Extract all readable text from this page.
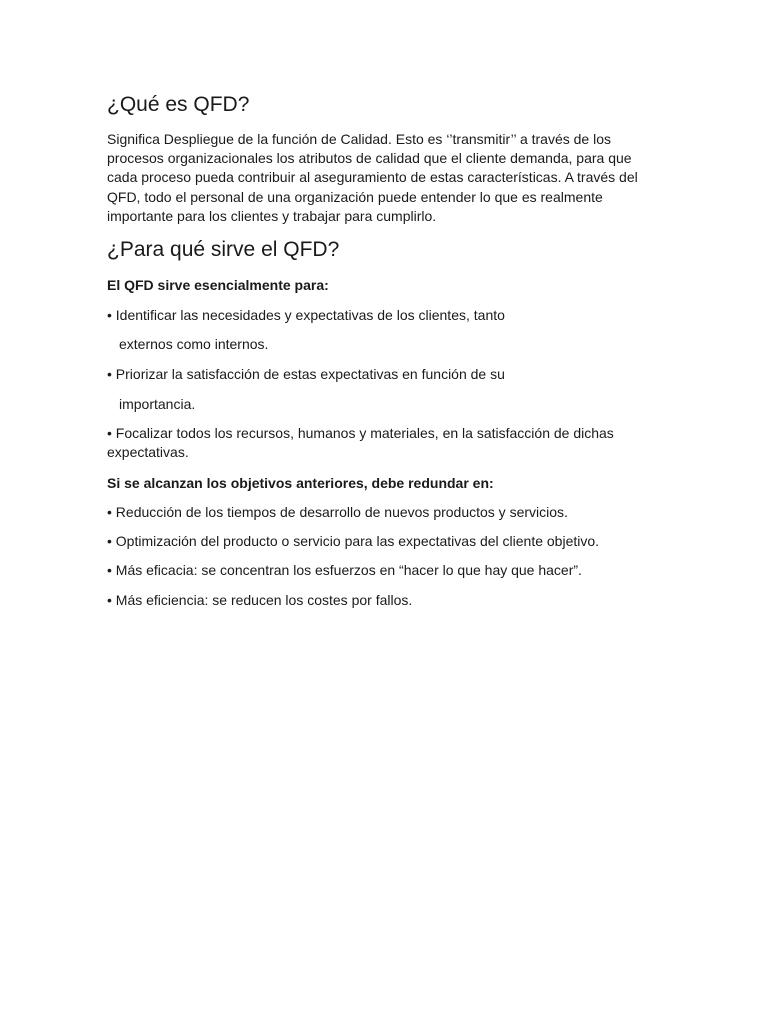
¿Qué es QFD?

Significa Despliegue de la función de Calidad. Esto es ‘’transmitir’’ a través de los procesos organizacionales los atributos de calidad que el cliente demanda, para que cada proceso pueda contribuir al aseguramiento de estas características. A través del QFD, todo el personal de una organización puede entender lo que es realmente importante para los clientes y trabajar para cumplirlo.

¿Para qué sirve el QFD?

El QFD sirve esencialmente para:

• Identificar las necesidades y expectativas de los clientes, tanto

externos como internos.

• Priorizar la satisfacción de estas expectativas en función de su

importancia.

• Focalizar todos los recursos, humanos y materiales, en la satisfacción de dichas expectativas.

Si se alcanzan los objetivos anteriores, debe redundar en:

• Reducción de los tiempos de desarrollo de nuevos productos y servicios.

• Optimización del producto o servicio para las expectativas del cliente objetivo.

• Más eficacia: se concentran los esfuerzos en “hacer lo que hay que hacer”.

• Más eficiencia: se reducen los costes por fallos.
